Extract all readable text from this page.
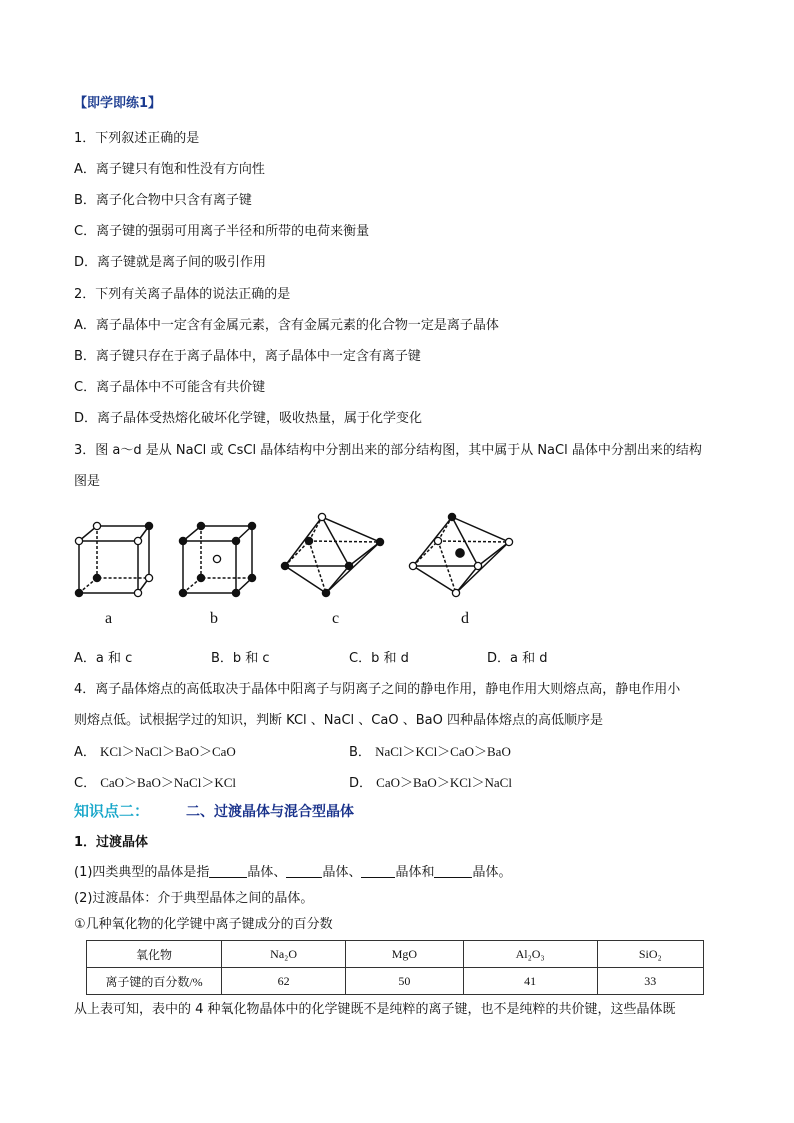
【即学即练1】
1．下列叙述正确的是
A．离子键只有饱和性没有方向性
B．离子化合物中只含有离子键
C．离子键的强弱可用离子半径和所带的电荷来衡量
D．离子键就是离子间的吸引作用
2．下列有关离子晶体的说法正确的是
A．离子晶体中一定含有金属元素，含有金属元素的化合物一定是离子晶体
B．离子键只存在于离子晶体中，离子晶体中一定含有离子键
C．离子晶体中不可能含有共价键
D．离子晶体受热熔化破坏化学键，吸收热量，属于化学变化
3．图 a～d 是从 NaCl 或 CsCl 晶体结构中分割出来的部分结构图，其中属于从 NaCl 晶体中分割出来的结构
图是
a	b	c	d
A．a 和 c	B．b 和 c	C．b 和 d	D．a 和 d
4．离子晶体熔点的高低取决于晶体中阳离子与阴离子之间的静电作用，静电作用大则熔点高，静电作用小
则熔点低。试根据学过的知识，判断 KCl 、NaCl 、CaO 、BaO 四种晶体熔点的高低顺序是
A． KCl＞NaCl＞BaO＞CaO	B． NaCl＞KCl＞CaO＞BaO
C． CaO＞BaO＞NaCl＞KCl	D． CaO＞BaO＞KCl＞NaCl
知识点二：	二、过渡晶体与混合型晶体
1．过渡晶体
(1)四类典型的晶体是指	晶体、	晶体、	晶体和	晶体。
(2)过渡晶体：介于典型晶体之间的晶体。
①几种氧化物的化学键中离子键成分的百分数
氧化物	Na₂O	MgO	Al₂O₃	SiO₂
离子键的百分数/%	62	50	41	33
从上表可知，表中的 4 种氧化物晶体中的化学键既不是纯粹的离子键，也不是纯粹的共价键，这些晶体既
